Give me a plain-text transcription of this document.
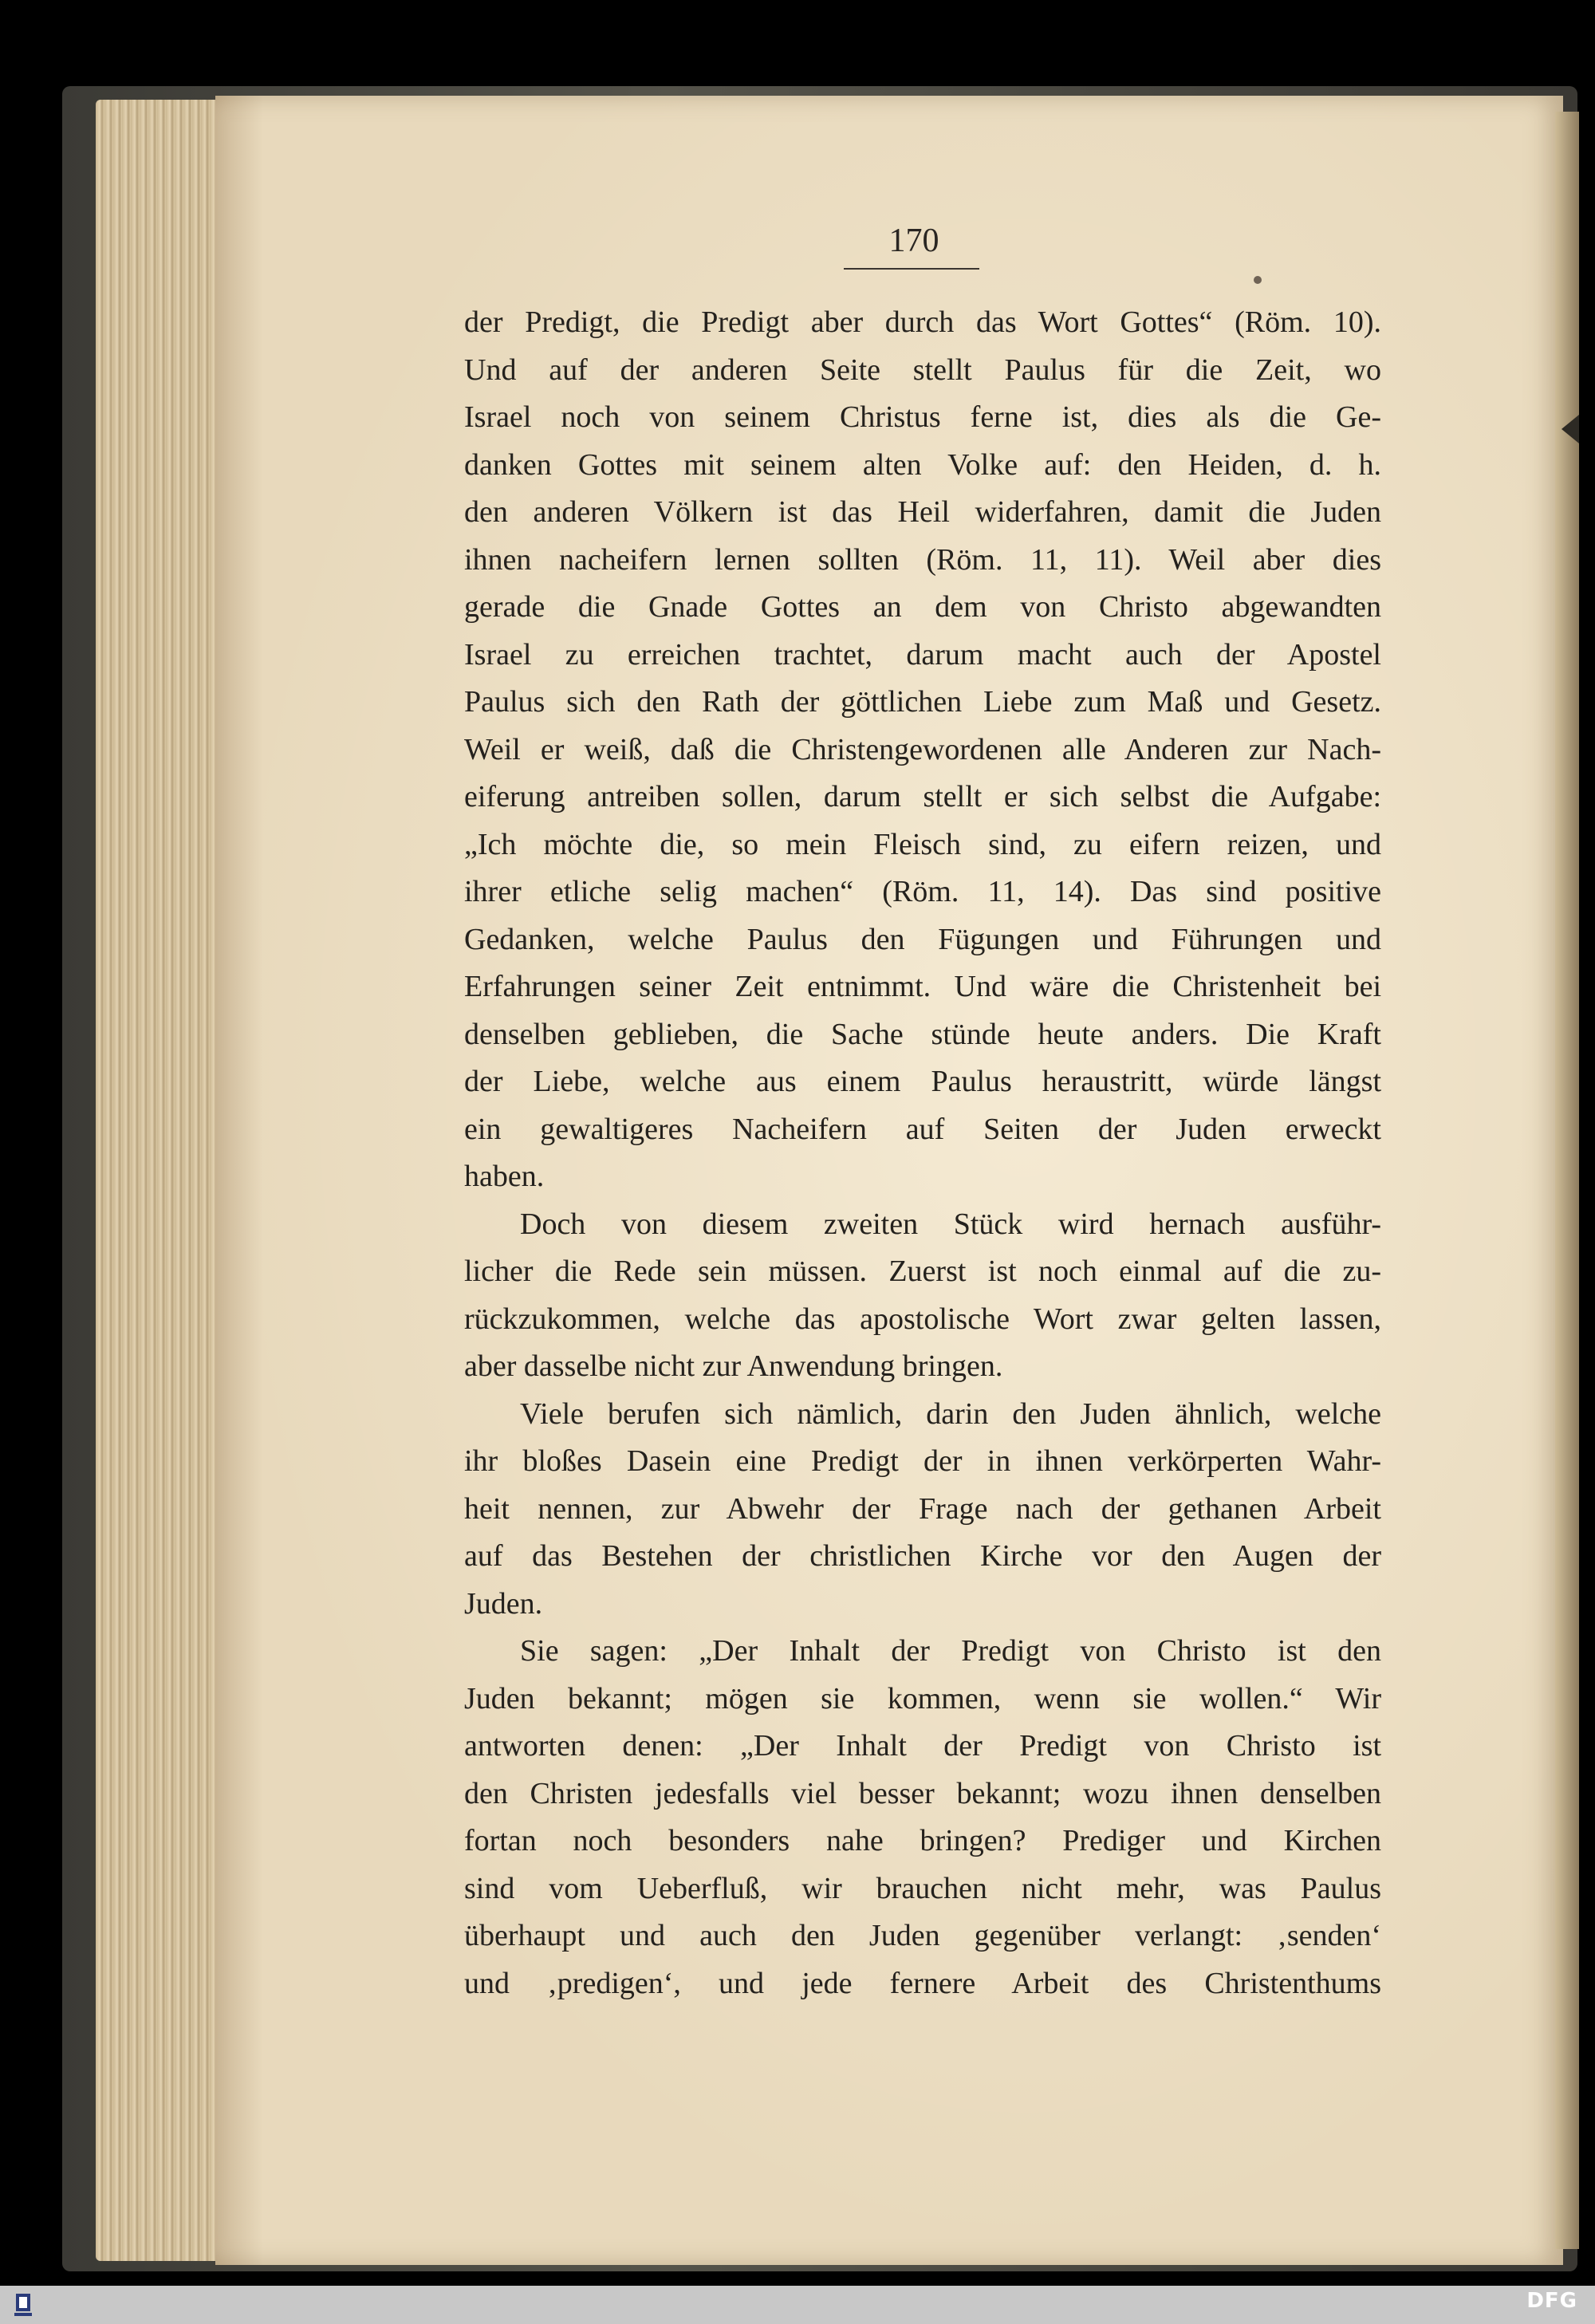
170
der Predigt, die Predigt aber durch das Wort Gottes“ (Röm. 10).
Und auf der anderen Seite stellt Paulus für die Zeit, wo
Israel noch von seinem Christus ferne ist, dies als die Ge-
danken Gottes mit seinem alten Volke auf: den Heiden, d. h.
den anderen Völkern ist das Heil widerfahren, damit die Juden
ihnen nacheifern lernen sollten (Röm. 11, 11). Weil aber dies
gerade die Gnade Gottes an dem von Christo abgewandten
Israel zu erreichen trachtet, darum macht auch der Apostel
Paulus sich den Rath der göttlichen Liebe zum Maß und Gesetz.
Weil er weiß, daß die Christengewordenen alle Anderen zur Nach-
eiferung antreiben sollen, darum stellt er sich selbst die Aufgabe:
„Ich möchte die, so mein Fleisch sind, zu eifern reizen, und
ihrer etliche selig machen“ (Röm. 11, 14). Das sind positive
Gedanken, welche Paulus den Fügungen und Führungen und
Erfahrungen seiner Zeit entnimmt. Und wäre die Christenheit bei
denselben geblieben, die Sache stünde heute anders. Die Kraft
der Liebe, welche aus einem Paulus heraustritt, würde längst
ein gewaltigeres Nacheifern auf Seiten der Juden erweckt
haben.
Doch von diesem zweiten Stück wird hernach ausführ-
licher die Rede sein müssen. Zuerst ist noch einmal auf die zu-
rückzukommen, welche das apostolische Wort zwar gelten lassen,
aber dasselbe nicht zur Anwendung bringen.
Viele berufen sich nämlich, darin den Juden ähnlich, welche
ihr bloßes Dasein eine Predigt der in ihnen verkörperten Wahr-
heit nennen, zur Abwehr der Frage nach der gethanen Arbeit
auf das Bestehen der christlichen Kirche vor den Augen der
Juden.
Sie sagen: „Der Inhalt der Predigt von Christo ist den
Juden bekannt; mögen sie kommen, wenn sie wollen.“ Wir
antworten denen: „Der Inhalt der Predigt von Christo ist
den Christen jedesfalls viel besser bekannt; wozu ihnen denselben
fortan noch besonders nahe bringen? Prediger und Kirchen
sind vom Ueberfluß, wir brauchen nicht mehr, was Paulus
überhaupt und auch den Juden gegenüber verlangt: ‚senden‘
und ‚predigen‘, und jede fernere Arbeit des Christenthums
DFG
